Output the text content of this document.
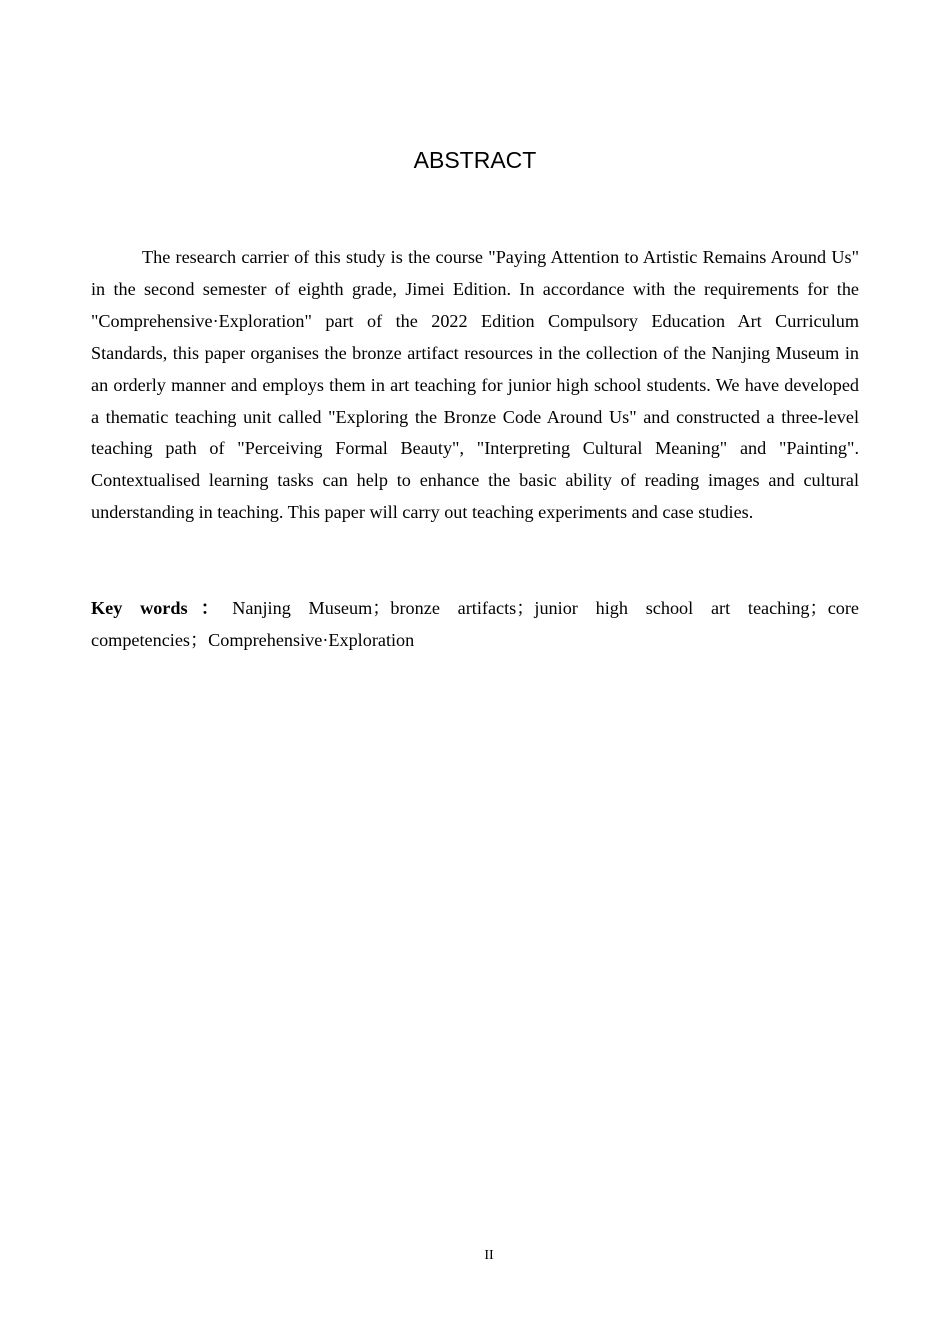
ABSTRACT

The research carrier of this study is the course "Paying Attention to Artistic Remains Around Us" in the second semester of eighth grade, Jimei Edition. In accordance with the requirements for the "Comprehensive·Exploration" part of the 2022 Edition Compulsory Education Art Curriculum Standards, this paper organises the bronze artifact resources in the collection of the Nanjing Museum in an orderly manner and employs them in art teaching for junior high school students. We have developed a thematic teaching unit called "Exploring the Bronze Code Around Us" and constructed a three-level teaching path of "Perceiving Formal Beauty", "Interpreting Cultural Meaning" and "Painting". Contextualised learning tasks can help to enhance the basic ability of reading images and cultural understanding in teaching. This paper will carry out teaching experiments and case studies.

Key words：Nanjing Museum；bronze artifacts；junior high school art teaching；core competencies；Comprehensive·Exploration

II
